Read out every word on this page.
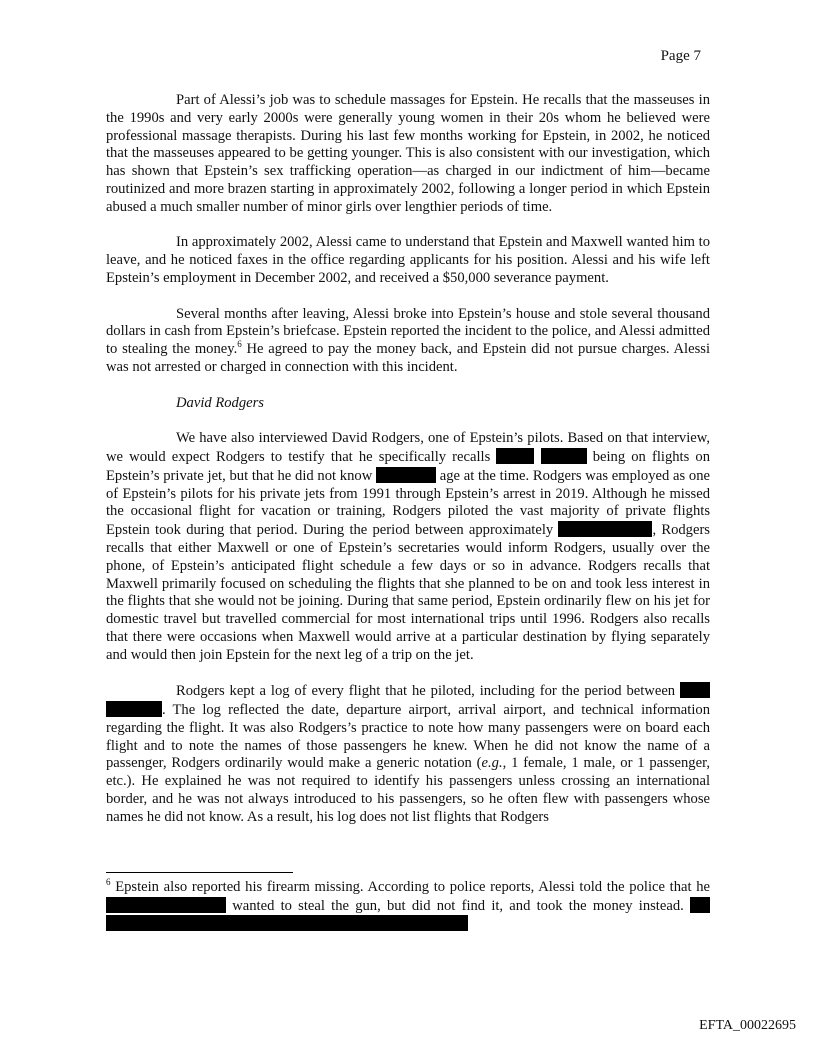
Page 7

Part of Alessi’s job was to schedule massages for Epstein. He recalls that the masseuses in the 1990s and very early 2000s were generally young women in their 20s whom he believed were professional massage therapists. During his last few months working for Epstein, in 2002, he noticed that the masseuses appeared to be getting younger. This is also consistent with our investigation, which has shown that Epstein’s sex trafficking operation—as charged in our indictment of him—became routinized and more brazen starting in approximately 2002, following a longer period in which Epstein abused a much smaller number of minor girls over lengthier periods of time.

In approximately 2002, Alessi came to understand that Epstein and Maxwell wanted him to leave, and he noticed faxes in the office regarding applicants for his position. Alessi and his wife left Epstein’s employment in December 2002, and received a $50,000 severance payment.

Several months after leaving, Alessi broke into Epstein’s house and stole several thousand dollars in cash from Epstein’s briefcase. Epstein reported the incident to the police, and Alessi admitted to stealing the money.$^6$ He agreed to pay the money back, and Epstein did not pursue charges. Alessi was not arrested or charged in connection with this incident.

David Rodgers

We have also interviewed David Rodgers, one of Epstein’s pilots. Based on that interview, we would expect Rodgers to testify that he specifically recalls	being on flights on Epstein’s private jet, but that he did not know	age at the time. Rodgers was employed as one of Epstein’s pilots for his private jets from 1991 through Epstein’s arrest in 2019. Although he missed the occasional flight for vacation or training, Rodgers piloted the vast majority of private flights Epstein took during that period. During the period between approximately	, Rodgers recalls that either Maxwell or one of Epstein’s secretaries would inform Rodgers, usually over the phone, of Epstein’s anticipated flight schedule a few days or so in advance. Rodgers recalls that Maxwell primarily focused on scheduling the flights that she planned to be on and took less interest in the flights that she would not be joining. During that same period, Epstein ordinarily flew on his jet for domestic travel but travelled commercial for most international trips until 1996. Rodgers also recalls that there were occasions when Maxwell would arrive at a particular destination by flying separately and would then join Epstein for the next leg of a trip on the jet.

Rodgers kept a log of every flight that he piloted, including for the period between  . The log reflected the date, departure airport, arrival airport, and technical information regarding the flight. It was also Rodgers’s practice to note how many passengers were on board each flight and to note the names of those passengers he knew. When he did not know the name of a passenger, Rodgers ordinarily would make a generic notation (e.g., 1 female, 1 male, or 1 passenger, etc.). He explained he was not required to identify his passengers unless crossing an international border, and he was not always introduced to his passengers, so he often flew with passengers whose names he did not know. As a result, his log does not list flights that Rodgers

$^6$ Epstein also reported his firearm missing. According to police reports, Alessi told the police that he  wanted to steal the gun, but did not find it, and took the money instead.
EFTA_00022695
